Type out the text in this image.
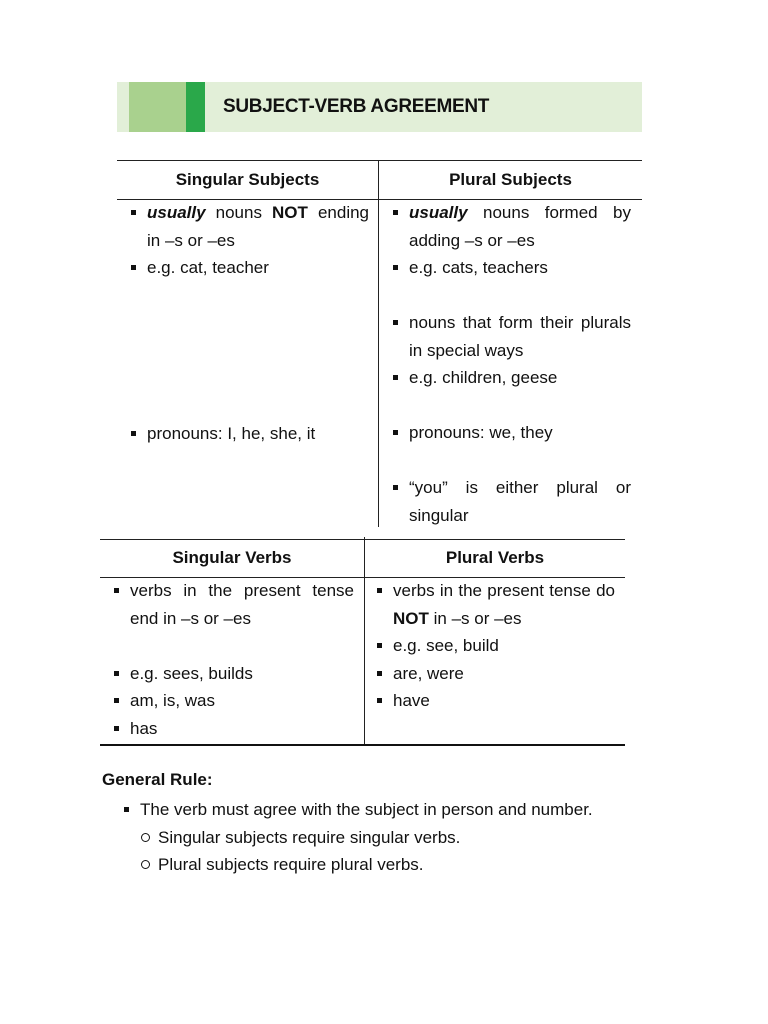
SUBJECT-VERB AGREEMENT
Singular Subjects	Plural Subjects
usually nouns NOT ending in –s or –es
e.g. cat, teacher
pronouns: I, he, she, it
usually nouns formed by adding –s or –es
e.g. cats, teachers
nouns that form their plurals in special ways
e.g. children, geese
pronouns: we, they
“you” is either plural or singular
Singular Verbs	Plural Verbs
verbs in the present tense end in –s or –es
e.g. sees, builds
am, is, was
has
verbs in the present tense do NOT in –s or –es
e.g. see, build
are, were
have
General Rule:
The verb must agree with the subject in person and number.
Singular subjects require singular verbs.
Plural subjects require plural verbs.
